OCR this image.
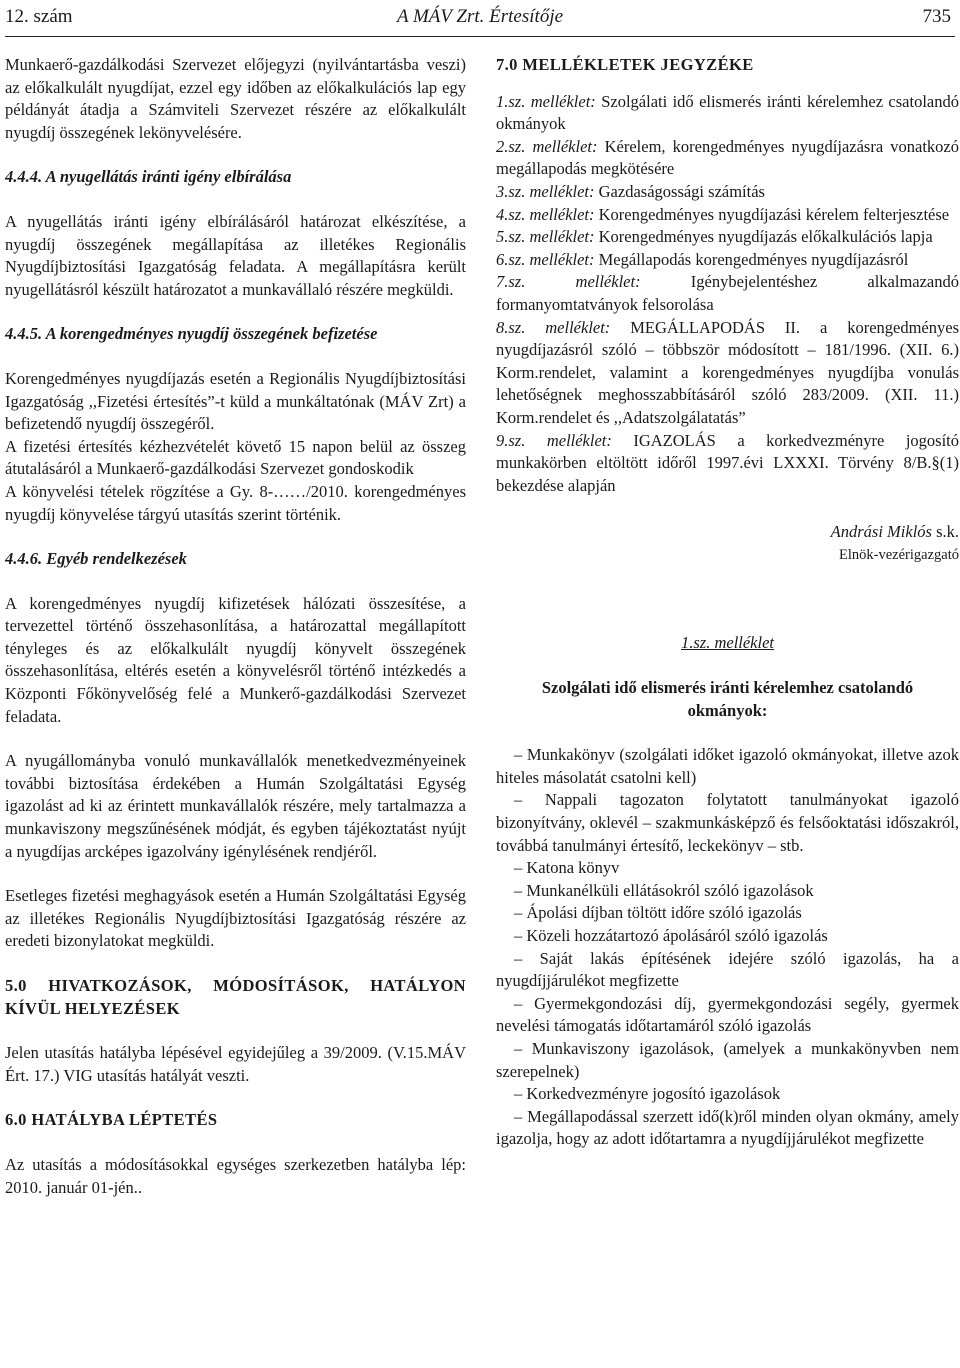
12. szám	A MÁV Zrt. Értesítője	735

Munkaerő-gazdálkodási Szervezet előjegyzi (nyilvántartásba veszi) az előkalkulált nyugdíjat, ezzel egy időben az előkalkulációs lap egy példányát átadja a Számviteli Szervezet részére az előkalkulált nyugdíj összegének lekönyvelésére.

4.4.4. A nyugellátás iránti igény elbírálása

A nyugellátás iránti igény elbírálásáról határozat elkészítése, a nyugdíj összegének megállapítása az illetékes Regionális Nyugdíjbiztosítási Igazgatóság feladata. A megállapításra került nyugellátásról készült határozatot a munkavállaló részére megküldi.

4.4.5. A korengedményes nyugdíj összegének befizetése

Korengedményes nyugdíjazás esetén a Regionális Nyugdíjbiztosítási Igazgatóság ,,Fizetési értesítés”-t küld a munkáltatónak (MÁV Zrt) a befizetendő nyugdíj összegéről.

A fizetési értesítés kézhezvételét követő 15 napon belül az összeg átutalásáról a Munkaerő-gazdálkodási Szervezet gondoskodik

A könyvelési tételek rögzítése a Gy. 8-……/2010. korengedményes nyugdíj könyvelése tárgyú utasítás szerint történik.

4.4.6. Egyéb rendelkezések

A korengedményes nyugdíj kifizetések hálózati összesítése, a tervezettel történő összehasonlítása, a határozattal megállapított tényleges és az előkalkulált nyugdíj könyvelt összegének összehasonlítása, eltérés esetén a könyvelésről történő intézkedés a Központi Főkönyvelőség felé a Munkerő-gazdálkodási Szervezet feladata.

A nyugállományba vonuló munkavállalók menetkedvezményeinek további biztosítása érdekében a Humán Szolgáltatási Egység igazolást ad ki az érintett munkavállalók részére, mely tartalmazza a munkaviszony megszűnésének módját, és egyben tájékoztatást nyújt a nyugdíjas arcképes igazolvány igénylésének rendjéről.

Esetleges fizetési meghagyások esetén a Humán Szolgáltatási Egység az illetékes Regionális Nyugdíjbiztosítási Igazgatóság részére az eredeti bizonylatokat megküldi.

5.0 HIVATKOZÁSOK, MÓDOSÍTÁSOK, HATÁLYON KÍVÜL HELYEZÉSEK

Jelen utasítás hatályba lépésével egyidejűleg a 39/2009. (V.15.MÁV Ért. 17.) VIG utasítás hatályát veszti.

6.0 HATÁLYBA LÉPTETÉS

Az utasítás a módosításokkal egységes szerkezetben hatályba lép: 2010. január 01-jén..

7.0 MELLÉKLETEK JEGYZÉKE

1.sz. melléklet: Szolgálati idő elismerés iránti kérelemhez csatolandó okmányok

2.sz. melléklet: Kérelem, korengedményes nyugdíjazásra vonatkozó megállapodás megkötésére

3.sz. melléklet: Gazdaságossági számítás

4.sz. melléklet: Korengedményes nyugdíjazási kérelem felterjesztése

5.sz. melléklet: Korengedményes nyugdíjazás előkalkulációs lapja

6.sz. melléklet: Megállapodás korengedményes nyugdíjazásról

7.sz. melléklet: Igénybejelentéshez alkalmazandó formanyomtatványok felsorolása

8.sz. melléklet: MEGÁLLAPODÁS II. a korengedményes nyugdíjazásról szóló – többször módosított – 181/1996. (XII. 6.) Korm.rendelet, valamint a korengedményes nyugdíjba vonulás lehetőségnek meghosszabbításáról szóló 283/2009. (XII. 11.) Korm.rendelet és ,,Adatszolgálatatás”

9.sz. melléklet: IGAZOLÁS a korkedvezményre jogosító munkakörben eltöltött időről 1997.évi LXXXI. Törvény 8/B.§(1) bekezdése alapján

Andrási Miklós s.k.

Elnök-vezérigazgató

1.sz. melléklet

Szolgálati idő elismerés iránti kérelemhez csatolandó okmányok:

– Munkakönyv (szolgálati időket igazoló okmányokat, illetve azok hiteles másolatát csatolni kell)

– Nappali tagozaton folytatott tanulmányokat igazoló bizonyítvány, oklevél – szakmunkásképző és felsőoktatási időszakról, továbbá tanulmányi értesítő, leckekönyv – stb.

– Katona könyv

– Munkanélküli ellátásokról szóló igazolások

– Ápolási díjban töltött időre szóló igazolás

– Közeli hozzátartozó ápolásáról szóló igazolás

– Saját lakás építésének idejére szóló igazolás, ha a nyugdíjjárulékot megfizette

– Gyermekgondozási díj, gyermekgondozási segély, gyermek nevelési támogatás időtartamáról szóló igazolás

– Munkaviszony igazolások, (amelyek a munkakönyvben nem szerepelnek)

– Korkedvezményre jogosító igazolások

– Megállapodással szerzett idő(k)ről minden olyan okmány, amely igazolja, hogy az adott időtartamra a nyugdíjjárulékot megfizette
